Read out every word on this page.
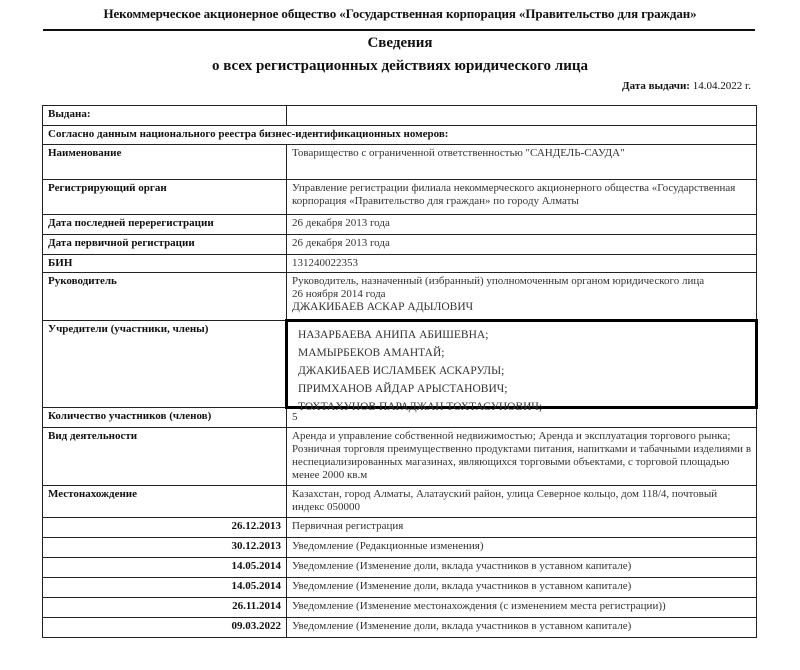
Некоммерческое акционерное общество «Государственная корпорация «Правительство для граждан»
Сведения
о всех регистрационных действиях юридического лица
Дата выдачи: 14.04.2022 г.
Выдана:	
Согласно данным национального реестра бизнес-идентификационных номеров:	
Наименование	Товарищество с ограниченной ответственностью "САНДЕЛЬ-САУДА"
Регистрирующий орган	Управление регистрации филиала некоммерческого акционерного общества «Государственная корпорация «Правительство для граждан» по городу Алматы
Дата последней перерегистрации	26 декабря 2013 года
Дата первичной регистрации	26 декабря 2013 года
БИН	131240022353
Руководитель	Руководитель, назначенный (избранный) уполномоченным органом юридического лица
26 ноября 2014 года
ДЖАКИБАЕВ АСКАР АДЫЛОВИЧ

Учредители (участники, члены)	НАЗАРБАЕВА АНИПА АБИШЕВНА;
МАМЫРБЕКОВ АМАНТАЙ;
ДЖАКИБАЕВ ИСЛАМБЕК АСКАРУЛЫ;
ПРИМХАНОВ АЙДАР АРЫСТАНОВИЧ;
ТОХТАХУНОВ ПАРАДЖАН ТОХТАСУНОВИЧ;

Количество участников (членов)	5
Вид деятельности	Аренда и управление собственной недвижимостью; Аренда и эксплуатация торгового рынка; Розничная торговля преимущественно продуктами питания, напитками и табачными изделиями в неспециализированных магазинах, являющихся торговыми объектами, с торговой площадью менее 2000 кв.м
Местонахождение	Казахстан, город Алматы, Алатауский район, улица Северное кольцо, дом 118/4, почтовый индекс 050000
26.12.2013	Первичная регистрация
30.12.2013	Уведомление (Редакционные изменения)
14.05.2014	Уведомление (Изменение доли, вклада участников в уставном капитале)
14.05.2014	Уведомление (Изменение доли, вклада участников в уставном капитале)
26.11.2014	Уведомление (Изменение местонахождения (с изменением места регистрации))
09.03.2022	Уведомление (Изменение доли, вклада участников в уставном капитале)
